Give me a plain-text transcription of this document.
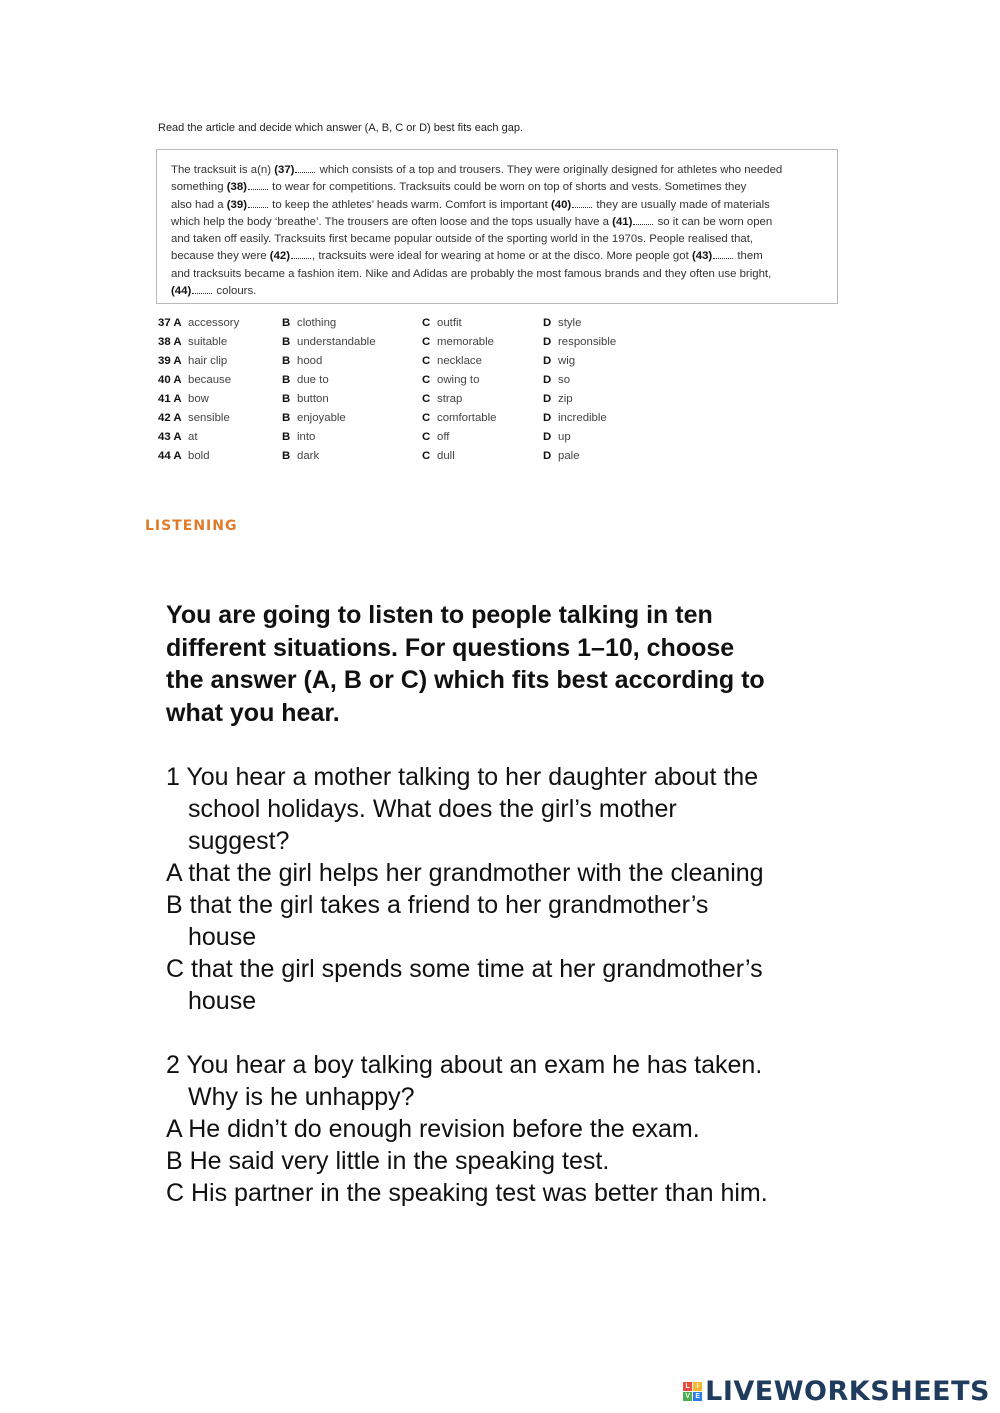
Read the article and decide which answer (A, B, C or D) best fits each gap.
The tracksuit is a(n) (37) which consists of a top and trousers. They were originally designed for athletes who needed
something (38) to wear for competitions. Tracksuits could be worn on top of shorts and vests. Sometimes they
also had a (39) to keep the athletes’ heads warm. Comfort is important (40) they are usually made of materials
which help the body ‘breathe’. The trousers are often loose and the tops usually have a (41) so it can be worn open
and taken off easily. Tracksuits first became popular outside of the sporting world in the 1970s. People realised that,
because they were (42) , tracksuits were ideal for wearing at home or at the disco. More people got (43) them
and tracksuits became a fashion item. Nike and Adidas are probably the most famous brands and they often use bright,
(44) colours.
37 A accessory	B clothing	C outfit	D style
38 A suitable	B understandable	C memorable	D responsible
39 A hair clip	B hood	C necklace	D wig
40 A because	B due to	C owing to	D so
41 A bow	B button	C strap	D zip
42 A sensible	B enjoyable	C comfortable	D incredible
43 A at	B into	C off	D up
44 A bold	B dark	C dull	D pale
LISTENING
You are going to listen to people talking in ten
different situations. For questions 1–10, choose
the answer (A, B or C) which fits best according to
what you hear.
1 You hear a mother talking to her daughter about the
school holidays. What does the girl’s mother
suggest?
A that the girl helps her grandmother with the cleaning
B that the girl takes a friend to her grandmother’s
house
C that the girl spends some time at her grandmother’s
house
2 You hear a boy talking about an exam he has taken.
Why is he unhappy?
A He didn’t do enough revision before the exam.
B He said very little in the speaking test.
C His partner in the speaking test was better than him.
L I
V E LIVEWORKSHEETS
